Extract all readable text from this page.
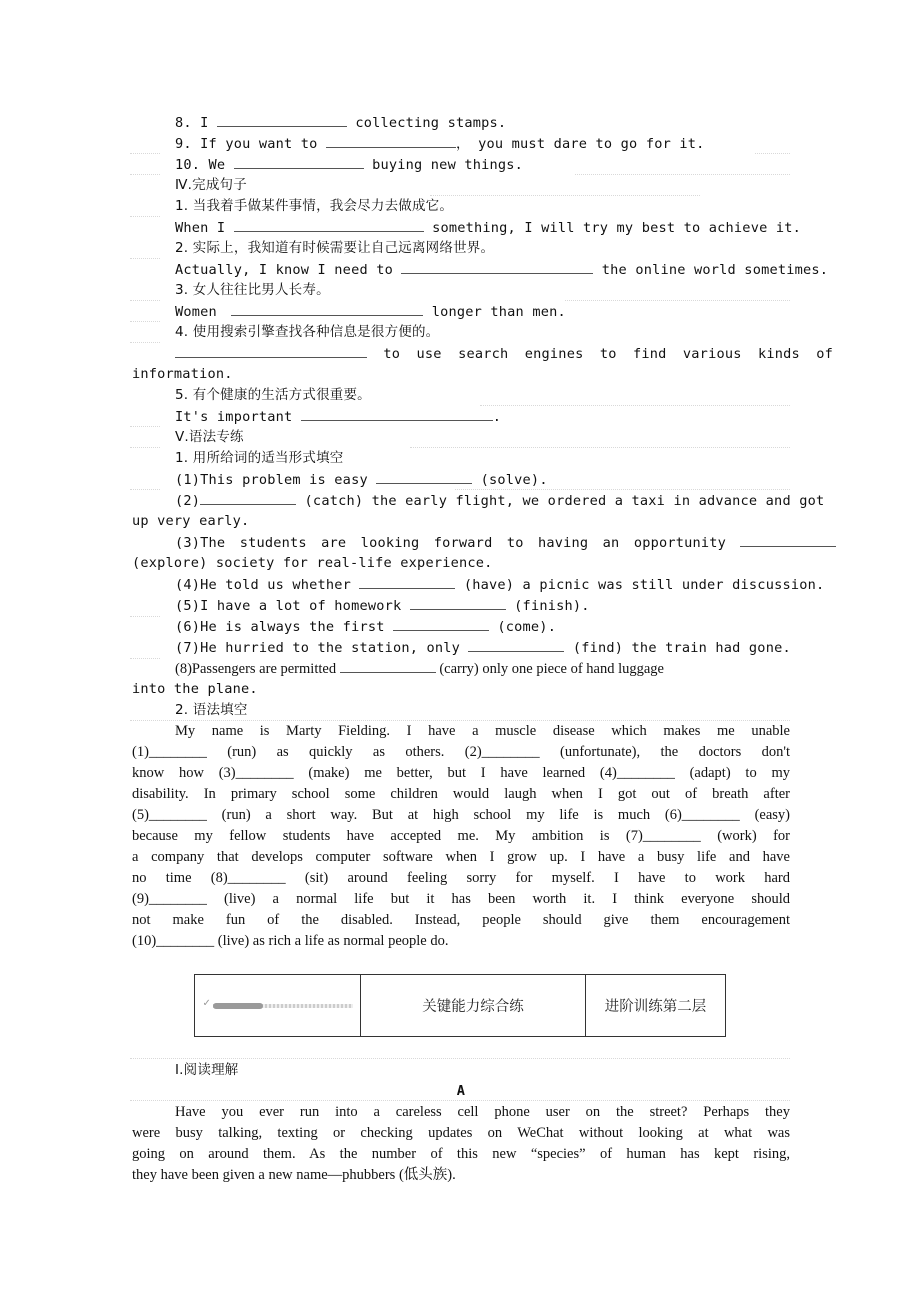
8. I	collecting stamps.
9. If you want to	， you must dare to go for it.
10. We	buying new things.
Ⅳ.完成句子
1. 当我着手做某件事情，我会尽力去做成它。
When I	something, I will try my best to achieve it.
2. 实际上，我知道有时候需要让自己远离网络世界。
Actually, I know I need to	the online world sometimes.
3. 女人往往比男人长寿。
Women	longer than men.
4. 使用搜索引擎查找各种信息是很方便的。
to use search engines to find various kinds of
information.
5. 有个健康的生活方式很重要。
It's important	.
Ⅴ.语法专练
1. 用所给词的适当形式填空
(1)This problem is easy	(solve).
(2)	(catch) the early flight, we ordered a taxi in advance and got
up very early.
(3)The students are looking forward to having an opportunity
(explore) society for real-life experience.
(4)He told us whether	(have) a picnic was still under discussion.
(5)I have a lot of homework	(finish).
(6)He is always the first	(come).
(7)He hurried to the station, only	(find) the train had gone.
(8)Passengers are permitted	(carry) only one piece of hand luggage
into the plane.
2. 语法填空
My name is Marty Fielding. I have a muscle disease which makes me unable
(1)________ (run) as quickly as others. (2)________ (unfortunate), the doctors don't
know how (3)________ (make) me better, but I have learned (4)________ (adapt) to my
disability. In primary school some children would laugh when I got out of breath after
(5)________ (run) a short way. But at high school my life is much (6)________ (easy)
because my fellow students have accepted me. My ambition is (7)________ (work) for
a company that develops computer software when I grow up. I have a busy life and have
no time (8)________ (sit) around feeling sorry for myself. I have to work hard
(9)________ (live) a normal life but it has been worth it. I think everyone should
not make fun of the disabled. Instead, people should give them encouragement
(10)________ (live) as rich a life as normal people do.
Ⅰ.阅读理解
A
Have you ever run into a careless cell phone user on the street? Perhaps they
were busy talking, texting or checking updates on WeChat without looking at what was
going on around them. As the number of this new “species” of human has kept rising,
they have been given a new name—phubbers (低头族).
✓	关键能力综合练	进阶训练第二层
